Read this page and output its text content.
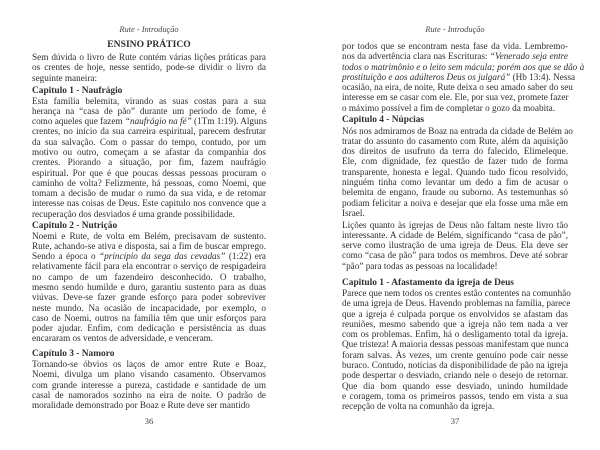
Rute - Introdução
ENSINO PRÁTICO
Sem dúvida o livro de Rute contém várias lições práticas para
os crentes de hoje, nesse sentido, pode-se dividir o livro da
seguinte maneira:
Capitulo 1 - Naufrágio
Esta família belemita, virando as suas costas para a sua
herança na “casa de pão” durante um período de fome, é
como aqueles que fazem “naufrágio na fé” (1Tm 1:19). Alguns
crentes, no início da sua carreira espiritual, parecem desfrutar
da sua salvação. Com o passar do tempo, contudo, por um
motivo ou outro, começam a se afastar da companhia dos
crentes. Piorando a situação, por fim, fazem naufrágio
espiritual. Por que é que poucas dessas pessoas procuram o
caminho de volta? Felizmente, há pessoas, como Noemi, que
tomam a decisão de mudar o rumo da sua vida, e de retomar
interesse nas coisas de Deus. Este capitulo nos convence que a
recuperação dos desviados é uma grande possibilidade.
Capitulo 2 - Nutrição
Noemi e Rute, de volta em Belém, precisavam de sustento.
Rute, achando-se ativa e disposta, sai a fim de buscar emprego.
Sendo a época o “princípio da sega das cevadas” (1:22) era
relativamente fácil para ela encontrar o serviço de respigadeira
no campo de um fazendeiro desconhecido. O trabalho,
mesmo sendo humilde e duro, garantiu sustento para as duas
viúvas. Deve-se fazer grande esforço para poder sobreviver
neste mundo. Na ocasião de incapacidade, por exemplo, o
caso de Noemi, outros na família têm que unir esforços para
poder ajudar. Enfim, com dedicação e persistência as duas
encararam os ventos de adversidade, e venceram.
Capítulo 3 - Namoro
Tornando-se óbvios os laços de amor entre Rute e Boaz,
Noemi, divulga um plano visando casamento. Observamos
com grande interesse a pureza, castidade e santidade de um
casal de namorados sozinho na eira de noite. O padrão de
moralidade demonstrado por Boaz e Rute deve ser mantido
36
Rute - Introdução
por todos que se encontram nesta fase da vida. Lembremo-
nos da advertência clara nas Escrituras: “Venerado seja entre
todos o matrimônio e o leito sem mácula; porém aos que se dão à
prostituição e aos adúlteros Deus os julgará” (Hb 13:4). Nessa
ocasião, na eira, de noite, Rute deixa o seu amado saber do seu
interesse em se casar com ele. Ele, por sua vez, promete fazer
o máximo possível a fim de completar o gozo da moabita.
Capitulo 4 - Núpcias
Nós nos admiramos de Boaz na entrada da cidade de Belém ao
tratar do assunto do casamento com Rute, além da aquisição
dos direitos de usufruto da terra do falecido, Elimeleque.
Ele, com dignidade, fez questão de fazer tudo de forma
transparente, honesta e legal. Quando tudo ficou resolvido,
ninguém tinha como levantar um dedo a fim de acusar o
belemita de engano, fraude ou suborno. As testemunhas só
podiam felicitar a noiva e desejar que ela fosse uma mãe em
Israel.
Lições quanto às igrejas de Deus não faltam neste livro tão
interessante. A cidade de Belém, significando “casa de pão”,
serve como ilustração de uma igreja de Deus. Ela deve ser
como “casa de pão” para todos os membros. Deve até sobrar
“pão” para todas as pessoas na localidade!
Capitulo 1 - Afastamento da igreja de Deus
Parece que nem todos os crentes estão contentes na comunhão
de uma igreja de Deus. Havendo problemas na família, parece
que a igreja é culpada porque os envolvidos se afastam das
reuniões, mesmo sabendo que a igreja não tem nada a ver
com os problemas. Enfim, há o desligamento total da igreja.
Que tristeza! A maioria dessas pessoas manifestam que nunca
foram salvas. Às vezes, um crente genuíno pode cair nesse
buraco. Contudo, notícias da disponibilidade de pão na igreja
pode despertar o desviado, criando nele o desejo de retornar.
Que dia bom quando esse desviado, unindo humildade
e coragem, toma os primeiros passos, tendo em vista a sua
recepção de volta na comunhão da igreja.
37
